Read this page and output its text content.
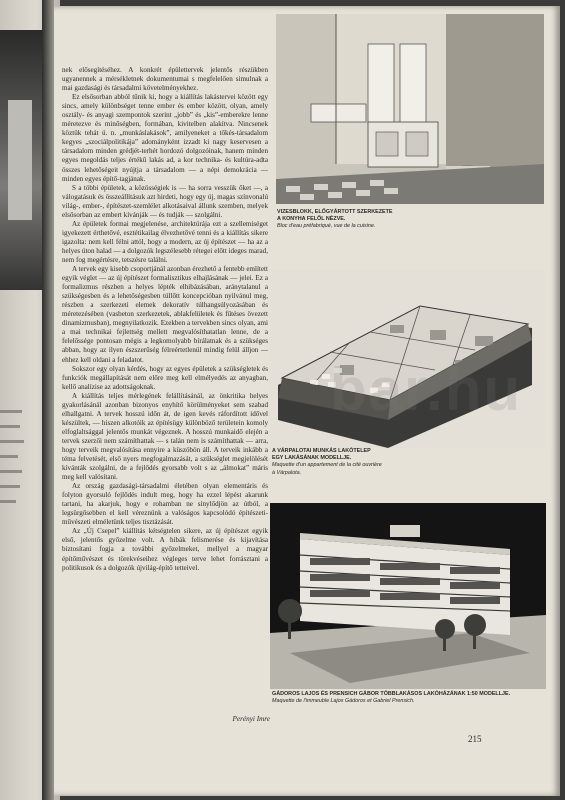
nek elősegítéséhez. A konkrét épülettervek jelentős részükben ugyanennek a mérsékletnek dokumentumai s megfelelően simulnak a mai gazdasági és társadalmi követelményekhez.

Ez elsősorban abból tűnik ki, hogy a kiállítás lakástervei között egy sincs, amely különbséget tenne ember és ember között, olyan, amely osztály- és anyagi szempontok szerint „jobb” és „kis”-emberekre lenne méretezve és minőségben, formában, kivitelben alakítva. Nincsenek köztük tehát ú. n. „munkáslakások”, amilyeneket a tőkés-társadalom kegyes „szociálpolitikája” adományként izzadt ki nagy keservesen a társadalom minden grédjét-terhét hordozó dolgozóinak, hanem minden egyes megoldás teljes értékű lakás ad, a kor technika- és kultúra-adta összes lehetőségeit nyújtja a társadalom — a népi demokrácia — minden egyes építő-tagjának.

S a többi épületek, a közösségiek is — ha sorra vesszük őket —, a válogatásuk és összeállításuk azt hirdeti, hogy egy új, magas színvonalú világ-, ember-, építészet-szemlélet alkotásaival állunk szemben, melyek elsősorban az embert kívánják — és tudják — szolgálni.

Az épületek formai megjelenése, architektúrája ezt a szellemiséget igyekezett érthetővé, esztétikailag élvezhetővé tenni és a kiállítás sikere igazolta: nem kell félni attól, hogy a modern, az új építészet — ha az a helyes úton halad — a dolgozók legszélesebb rétegei előtt ideges marad, nem fog megértésre, tetszésre találni.

A tervek egy kisebb csoportjánál azonban érezhető a fentebb említett egyik véglet — az új építészet formalisztikus elhajlásának — jelei. Ez a formalizmus részben a helyes lépték elhibázásában, aránytalanul a szükségesben és a lehetőségesben túllőtt koncepcióban nyilvánul meg, részben a szerkezeti elemek dekoratív túlhangsúlyozásában és méretezésében (vasbeton szerkezetek, ablakfelületek és fűtéses övezett dinamizmusban), megnyilatkozik. Ezekben a tervekben sincs olyan, ami a mai technikai fejlettség mellett megvalósíthatatlan lenne, de a felelőssége pontosan mégis a legkomolyabb bírálatnak és a szükséges abban, hogy az ilyen észszerűség félreértetlenül mindig felül álljon — ehhez kell oldani a feladatot.

Sokszor egy olyan kérdés, hogy az egyes épületek a szükségletek és funkciók megállapítását nem előre meg kell elmélyedés az anyagban, kellő analízise az adottságoknak.

A kiállítás teljes mérlegének felállításánál, az önkritika helyes gyakorlásánál azonban bizonyos enyhítő körülményeket sem szabad elhallgatni. A tervek hosszú időn át, de igen kevés ráfordított idővel készültek, — hiszen alkotóik az építésügy különböző területein komoly elfoglaltsággal jelentős munkát végeznek. A hosszú munkaidő elején a tervek szerzői nem számíthattak — s talán nem is számíthattak — arra, hogy terveik megvalósítása ennyire a küszöbön áll. A terveik inkább a téma felvetését, első nyers megfogalmazását, a szükséglet megjelölését kívánták szolgálni, de a fejlődés gyorsabb volt s az „álmokat” máris meg kell valósítani.

Az ország gazdasági-társadalmi életében olyan elementáris és folyton gyorsuló fejlődés indult meg, hogy ha ezzel lépést akarunk tartani, ha akarjuk, hogy e rohamban ne sínylődjön az útból, a legsürgősebben el kell véreznünk a valóságos kapcsolódó építészeti-művészeti elméletünk teljes tisztázását.

Az „Új Csepel” kiállítás kétségtelen sikere, az új építészet egyik első, jelentős győzelme volt. A hibák felismerése és kijavítása biztosítani fogja a további győzelmeket, mellyel a magyar építőművészet és törekvéseihez végleges terve lehet forrásztani a politikusok és a dolgozók újvilág-építő tetteivel.

Perényi Imre
VIZESBLOKK, ELŐGYÁRTOTT SZERKEZETE A KONYHA FELŐL NÉZVE.
Bloc d'eau préfabriqué, vue de la cuisine.
A VÁRPALOTAI MUNKÁS LAKÓTELEP EGY LAKÁSÁNAK MODELLJE.
Maquette d'un appartement de la cité ouvrière à Várpalota.
GÁDOROS LAJOS ÉS PRENSICH GÁBOR TÖBBLAKÁSOS LAKÓHÁZÁNAK 1:50 MODELLJE.
Maquette de l'immeuble Lajos Gádoros et Gabriel Prensich.
215
bar.hu
